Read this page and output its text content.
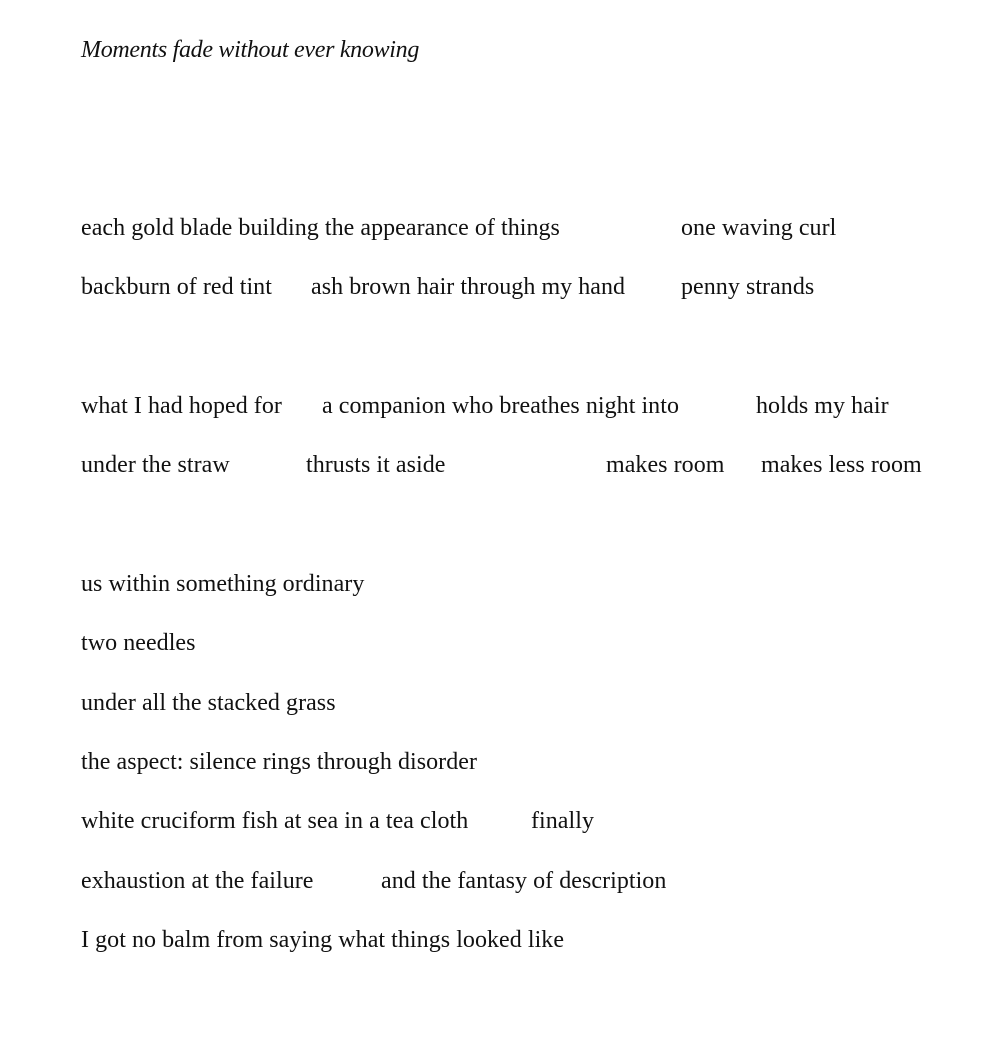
Moments fade without ever knowing
each gold blade building the appearance of things	one waving curl
backburn of red tint ash brown hair through my hand penny strands
what I had hoped for a companion who breathes night into	holds my hair
under the straw	thrusts it aside	makes room makes less room
us within something ordinary
two needles
under all the stacked grass
the aspect: silence rings through disorder
white cruciform fish at sea in a tea cloth	finally
exhaustion at the failure	and the fantasy of description
I got no balm from saying what things looked like
